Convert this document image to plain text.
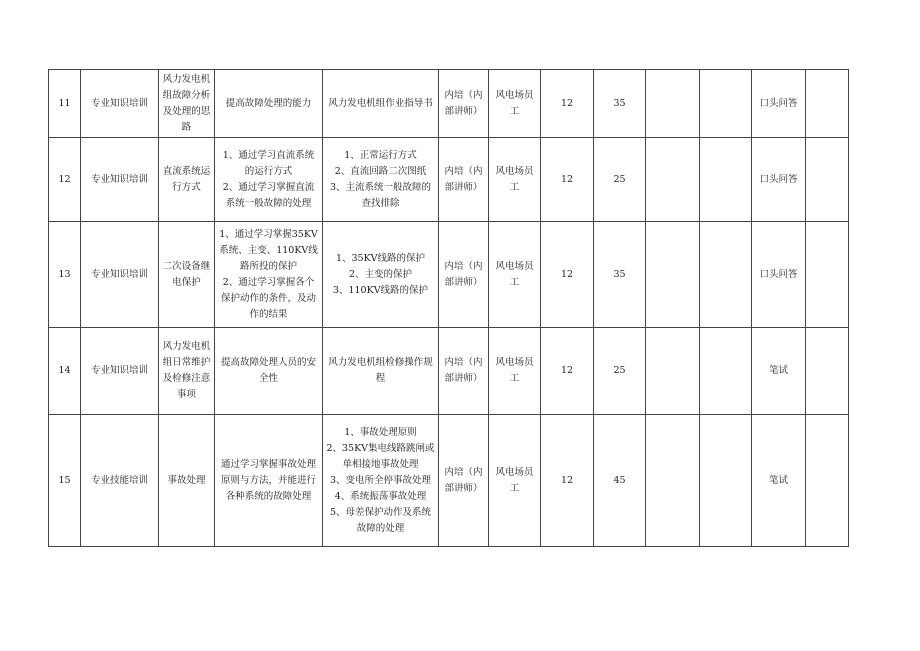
11	专业知识培训	风力发电机组故障分析及处理的思路	提高故障处理的能力	风力发电机组作业指导书	内培（内部讲师）	风电场员工	12	35			口头问答	
12	专业知识培训	直流系统运行方式	1、通过学习直流系统的运行方式
2、通过学习掌握直流系统一般故障的处理	1、正常运行方式
2、直流回路二次图纸
3、主流系统一般故障的查找排除	内培（内部讲师）	风电场员工	12	25			口头问答	
13	专业知识培训	二次设备继电保护	1、通过学习掌握35KV系统、主变、110KV线路所投的保护
2、通过学习掌握各个保护动作的条件，及动作的结果	1、35KV线路的保护
2、主变的保护
3、110KV线路的保护	内培（内部讲师）	风电场员工	12	35			口头问答	
14	专业知识培训	风力发电机组日常维护及检修注意事项	提高故障处理人员的安全性	风力发电机组检修操作规程	内培（内部讲师）	风电场员工	12	25			笔试	
15	专业技能培训	事故处理	通过学习掌握事故处理原则与方法，并能进行各种系统的故障处理	1、事故处理原则
2、35KV集电线路跳闸或单相接地事故处理
3、变电所全停事故处理
4、系统振荡事故处理
5、母差保护动作及系统故障的处理	内培（内部讲师）	风电场员工	12	45			笔试	
